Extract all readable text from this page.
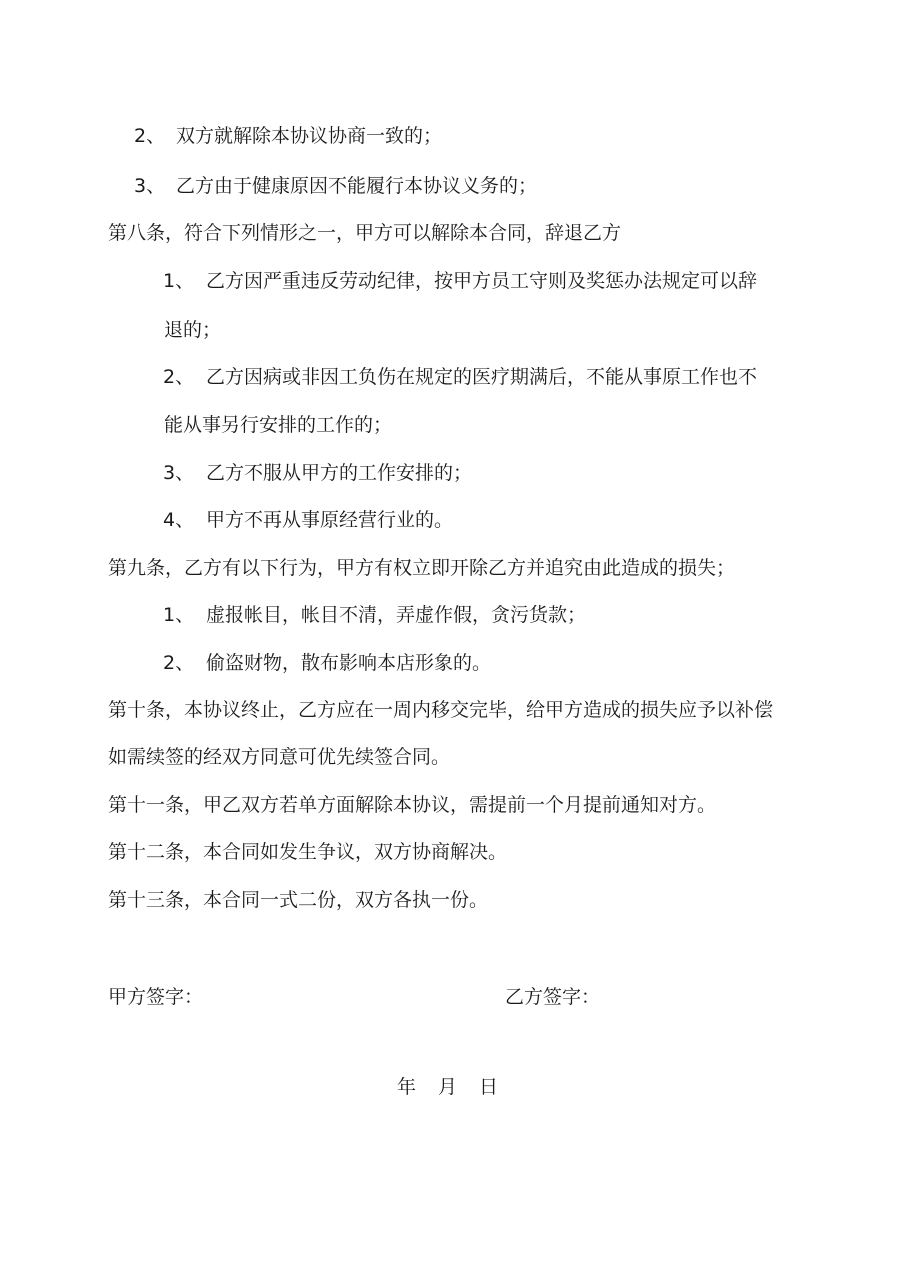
2、 双方就解除本协议协商一致的；
3、 乙方由于健康原因不能履行本协议义务的；
第八条，符合下列情形之一，甲方可以解除本合同，辞退乙方
1、 乙方因严重违反劳动纪律，按甲方员工守则及奖惩办法规定可以辞
退的；
2、 乙方因病或非因工负伤在规定的医疗期满后，不能从事原工作也不
能从事另行安排的工作的；
3、 乙方不服从甲方的工作安排的；
4、 甲方不再从事原经营行业的。
第九条，乙方有以下行为，甲方有权立即开除乙方并追究由此造成的损失；
1、 虚报帐目，帐目不清，弄虚作假，贪污货款；
2、 偷盗财物，散布影响本店形象的。
第十条，本协议终止，乙方应在一周内移交完毕，给甲方造成的损失应予以补偿
如需续签的经双方同意可优先续签合同。
第十一条，甲乙双方若单方面解除本协议，需提前一个月提前通知对方。
第十二条，本合同如发生争议，双方协商解决。
第十三条，本合同一式二份，双方各执一份。
甲方签字：	乙方签字：
年 月 日
